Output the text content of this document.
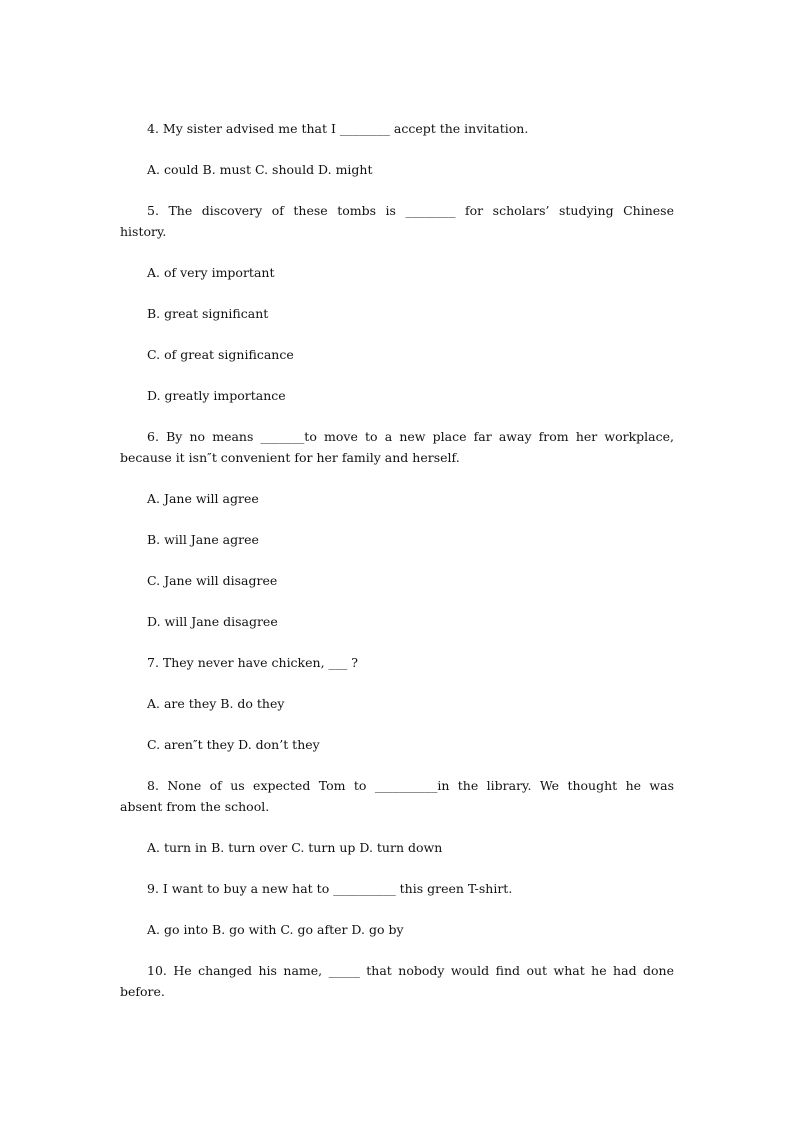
4. My sister advised me that I ________ accept the invitation.

A. could B. must C. should D. might

5. The discovery of these tombs is ________ for scholars’ studying Chinese

history.

A. of very important

B. great significant

C. of great significance

D. greatly importance

6. By no means _______to move to a new place far away from her workplace,

because it isn″t convenient for her family and herself.

A. Jane will agree

B. will Jane agree

C. Jane will disagree

D. will Jane disagree

7. They never have chicken, ___ ?

A. are they B. do they

C. aren″t they D. don’t they

8. None of us expected Tom to __________in the library. We thought he was

absent from the school.

A. turn in B. turn over C. turn up D. turn down

9. I want to buy a new hat to __________ this green T-shirt.

A. go into B. go with C. go after D. go by

10. He changed his name, _____ that nobody would find out what he had done

before.
